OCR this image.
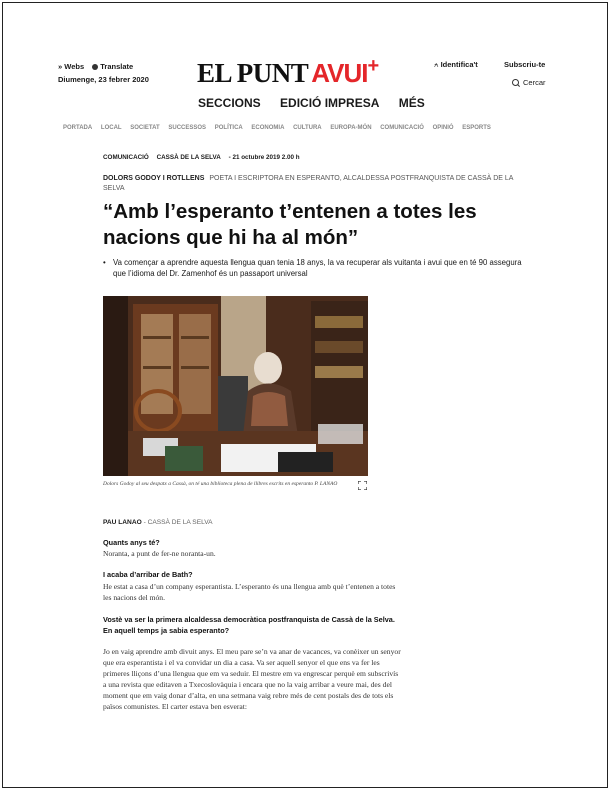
» Webs Translate
Diumenge, 23 febrer 2020 EL PUNT AVUI+	⍲ Identifica't	Subscriu-te
Cercar
SECCIONS EDICIÓ IMPRESA MÉS
PORTADA LOCAL SOCIETAT SUCCESSOS POLÍTICA ECONOMIA CULTURA EUROPA-MÓN COMUNICACIÓ OPINIÓ ESPORTS
COMUNICACIÓ CASSÀ DE LA SELVA - 21 octubre 2019 2.00 h
DOLORS GODOY I ROTLLENS POETA I ESCRIPTORA EN ESPERANTO, ALCALDESSA POSTFRANQUISTA DE CASSÀ DE LA SELVA
“Amb l’esperanto t’entenen a totes les nacions que hi ha al món”
• Va començar a aprendre aquesta llengua quan tenia 18 anys, la va recuperar als vuitanta i avui que en té 90 assegura que l’idioma del Dr. Zamenhof és un passaport universal
Dolors Godoy al seu despatx a Cassà, on té una biblioteca plena de llibres escrits en esperanto P. LANAO
PAU LANAO - CASSÀ DE LA SELVA
Quants anys té?
Noranta, a punt de fer-ne noranta-un.
I acaba d’arribar de Bath?
He estat a casa d’un company esperantista. L’esperanto és una llengua amb què t’entenen a totes les nacions del món.
Vostè va ser la primera alcaldessa democràtica postfranquista de Cassà de la Selva. En aquell temps ja sabia esperanto?
Jo en vaig aprendre amb divuit anys. El meu pare se’n va anar de vacances, va conèixer un senyor que era esperantista i el va convidar un dia a casa. Va ser aquell senyor el que ens va fer les primeres lliçons d’una llengua que em va seduir. El mestre em va engrescar perquè em subscrivís a una revista que editaven a Txecoslovàquia i encara que no la vaig arribar a veure mai, des del moment que em vaig donar d’alta, en una setmana vaig rebre més de cent postals des de tots els països comunistes. El carter estava ben esverat:
